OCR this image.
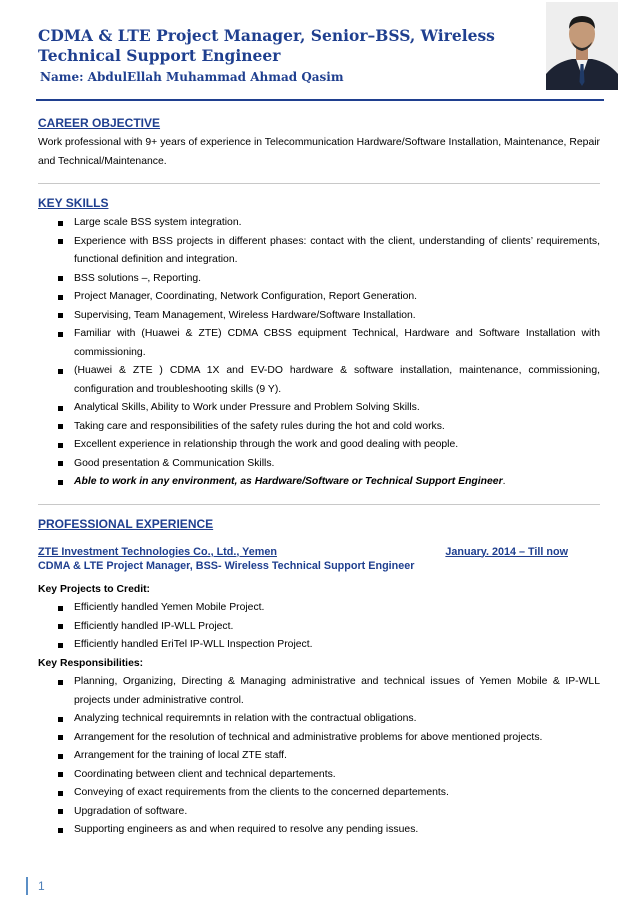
CDMA & LTE Project Manager, Senior–BSS, Wireless
Technical Support Engineer
Name: AbdulEllah Muhammad Ahmad Qasim
CAREER OBJECTIVE

Work professional with 9+ years of experience in Telecommunication Hardware/Software Installation, Maintenance, Repair and Technical/Maintenance.

KEY SKILLS
Large scale BSS system integration.
Experience with BSS projects in different phases: contact with the client, understanding of clients’ requirements, functional definition and integration.
BSS solutions –, Reporting.
Project Manager, Coordinating, Network Configuration, Report Generation.
Supervising, Team Management, Wireless Hardware/Software Installation.
Familiar with (Huawei & ZTE) CDMA CBSS equipment Technical, Hardware and Software Installation with commissioning.
(Huawei & ZTE ) CDMA 1X and EV-DO hardware & software installation, maintenance, commissioning, configuration and troubleshooting skills (9 Y).
Analytical Skills, Ability to Work under Pressure and Problem Solving Skills.
Taking care and responsibilities of the safety rules during the hot and cold works.
Excellent experience in relationship through the work and good dealing with people.
Good presentation & Communication Skills.
Able to work in any environment, as Hardware/Software or Technical Support Engineer.
PROFESSIONAL EXPERIENCE
ZTE Investment Technologies Co., Ltd., Yemen	January. 2014 – Till now
CDMA & LTE Project Manager, BSS- Wireless Technical Support Engineer
Key Projects to Credit:
Efficiently handled Yemen Mobile Project.
Efficiently handled IP-WLL Project.
Efficiently handled EriTel IP-WLL Inspection Project.
Key Responsibilities:
Planning, Organizing, Directing & Managing administrative and technical issues of Yemen Mobile & IP-WLL projects under administrative control.
Analyzing technical requiremnts in relation with the contractual obligations.
Arrangement for the resolution of technical and administrative problems for above mentioned projects.
Arrangement for the training of local ZTE staff.
Coordinating between client and technical departements.
Conveying of exact requirements from the clients to the concerned departements.
Upgradation of software.
Supporting engineers as and when required to resolve any pending issues.
1
